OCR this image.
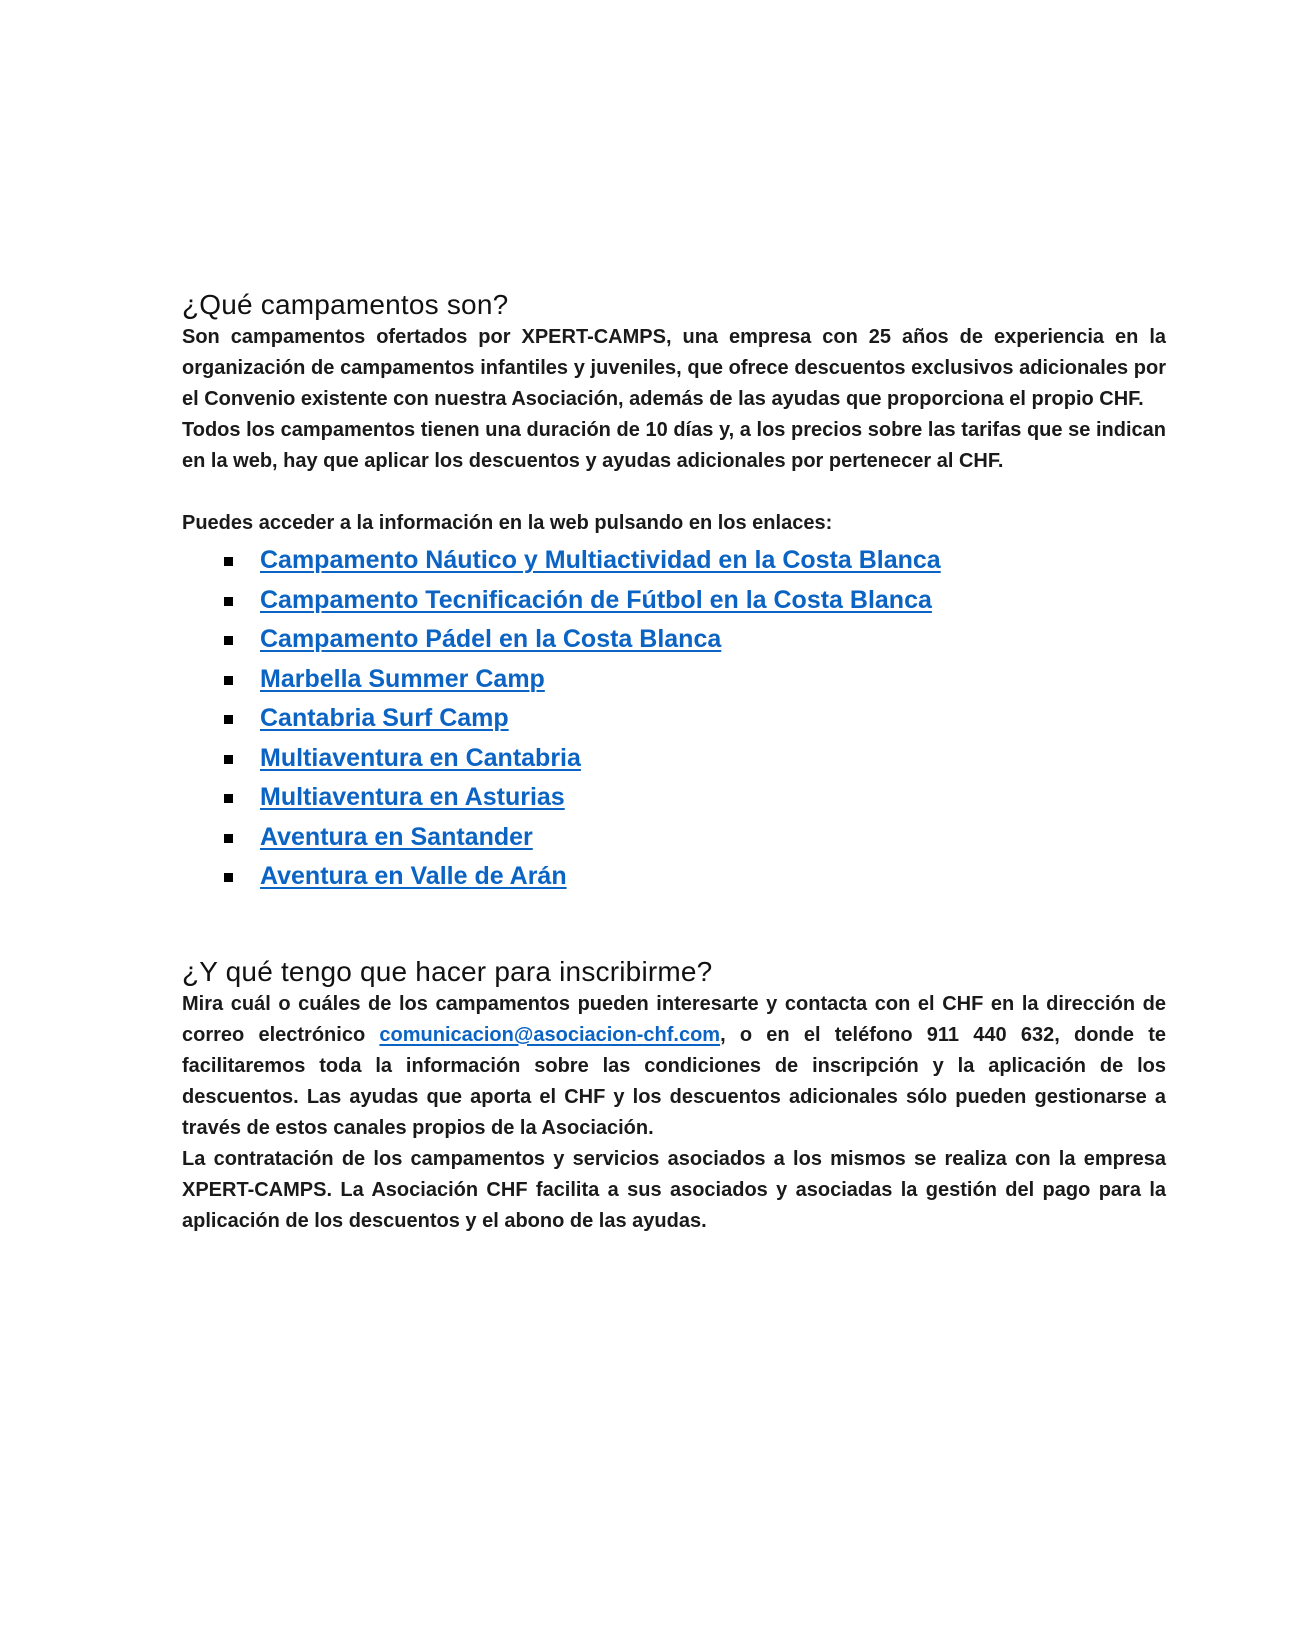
¿Qué campamentos son?

Son campamentos ofertados por XPERT-CAMPS, una empresa con 25 años de experiencia en la organización de campamentos infantiles y juveniles, que ofrece descuentos exclusivos adicionales por el Convenio existente con nuestra Asociación, además de las ayudas que proporciona el propio CHF.

Todos los campamentos tienen una duración de 10 días y, a los precios sobre las tarifas que se indican en la web, hay que aplicar los descuentos y ayudas adicionales por pertenecer al CHF.

Puedes acceder a la información en la web pulsando en los enlaces:

Campamento Náutico y Multiactividad en la Costa Blanca
Campamento Tecnificación de Fútbol en la Costa Blanca
Campamento Pádel en la Costa Blanca
Marbella Summer Camp
Cantabria Surf Camp
Multiaventura en Cantabria
Multiaventura en Asturias
Aventura en Santander
Aventura en Valle de Arán
¿Y qué tengo que hacer para inscribirme?

Mira cuál o cuáles de los campamentos pueden interesarte y contacta con el CHF en la dirección de correo electrónico comunicacion@asociacion-chf.com, o en el teléfono 911 440 632, donde te facilitaremos toda la información sobre las condiciones de inscripción y la aplicación de los descuentos. Las ayudas que aporta el CHF y los descuentos adicionales sólo pueden gestionarse a través de estos canales propios de la Asociación.

La contratación de los campamentos y servicios asociados a los mismos se realiza con la empresa XPERT-CAMPS. La Asociación CHF facilita a sus asociados y asociadas la gestión del pago para la aplicación de los descuentos y el abono de las ayudas.
